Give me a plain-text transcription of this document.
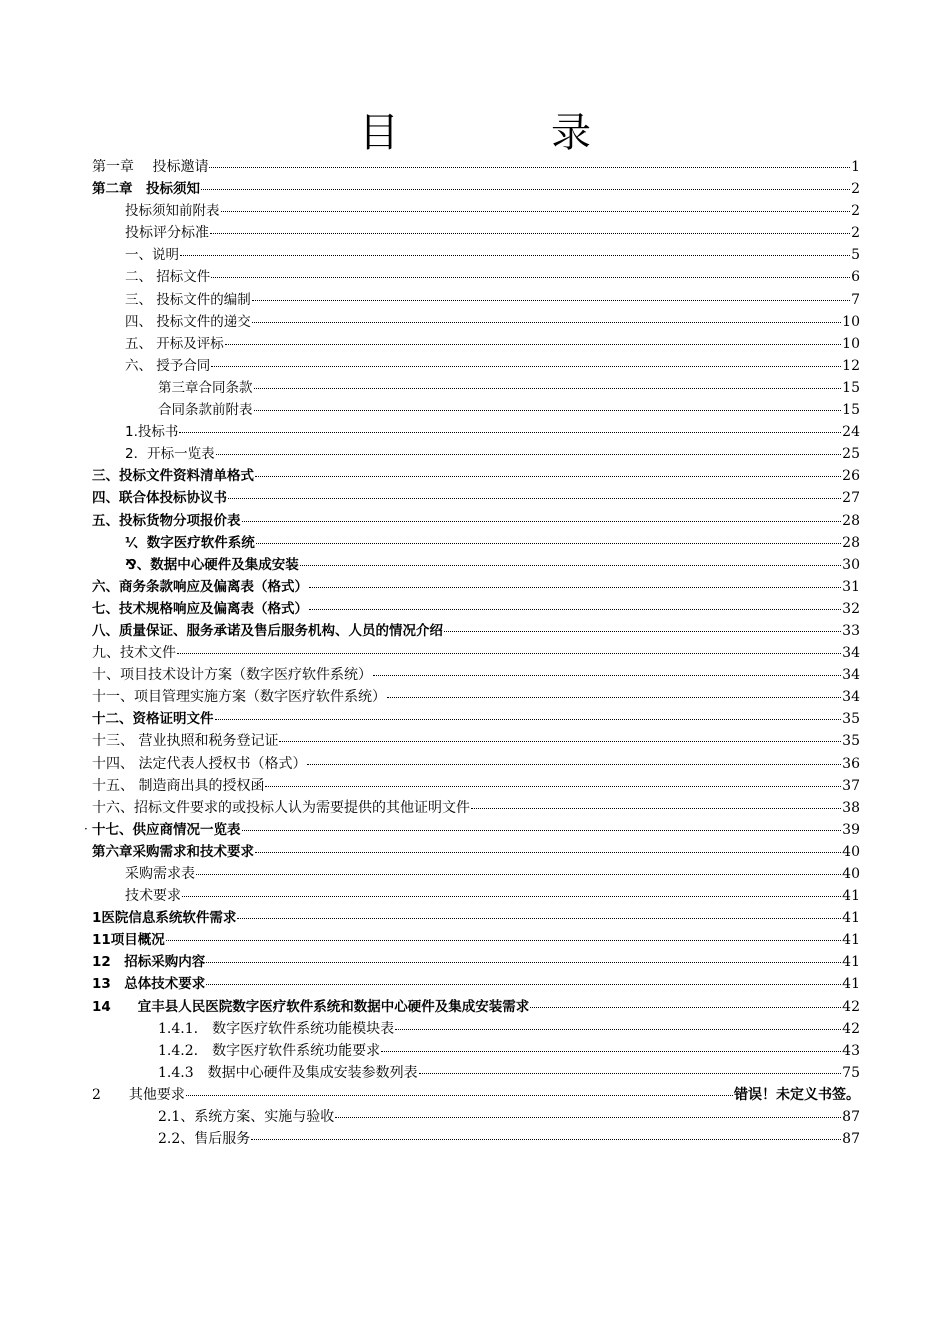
目　录
·
第一章　 投标邀请	1
第二章　投标须知	2
投标须知前附表	2
投标评分标准	2
一、说明	5
二、 招标文件	6
三、 投标文件的编制	7
四、 投标文件的递交	10
五、 开标及评标	10
六、 授予合同	12
第三章合同条款	15
合同条款前附表	15
1.投标书	24
2．开标一览表	25
三、投标文件资料清单格式	26
四、联合体投标协议书	27
五、投标货物分项报价表	28
⅟、数字医疗软件系统	28
⅋、数据中心硬件及集成安装	30
六、商务条款响应及偏离表（格式）	31
七、技术规格响应及偏离表（格式）	32
八、质量保证、服务承诺及售后服务机构、人员的情况介绍	33
九、技术文件	34
十、项目技术设计方案（数字医疗软件系统）	34
十一、项目管理实施方案（数字医疗软件系统）	34
十二、资格证明文件	35
十三、 营业执照和税务登记证	35
十四、 法定代表人授权书（格式）	36
十五、 制造商出具的授权函	37
十六、招标文件要求的或投标人认为需要提供的其他证明文件	38
十七、供应商情况一览表	39
第六章采购需求和技术要求	40
采购需求表	40
技术要求	41
1医院信息系统软件需求	41
11项目概况	41
12　招标采购内容	41
13　总体技术要求	41
14　　宜丰县人民医院数字医疗软件系统和数据中心硬件及集成安装需求	42
1.4.1.　数字医疗软件系统功能模块表	42
1.4.2.　数字医疗软件系统功能要求	43
1.4.3　数据中心硬件及集成安装参数列表	75
2　　其他要求	错误！未定义书签。
2.1、系统方案、实施与验收	87
2.2、售后服务	87
